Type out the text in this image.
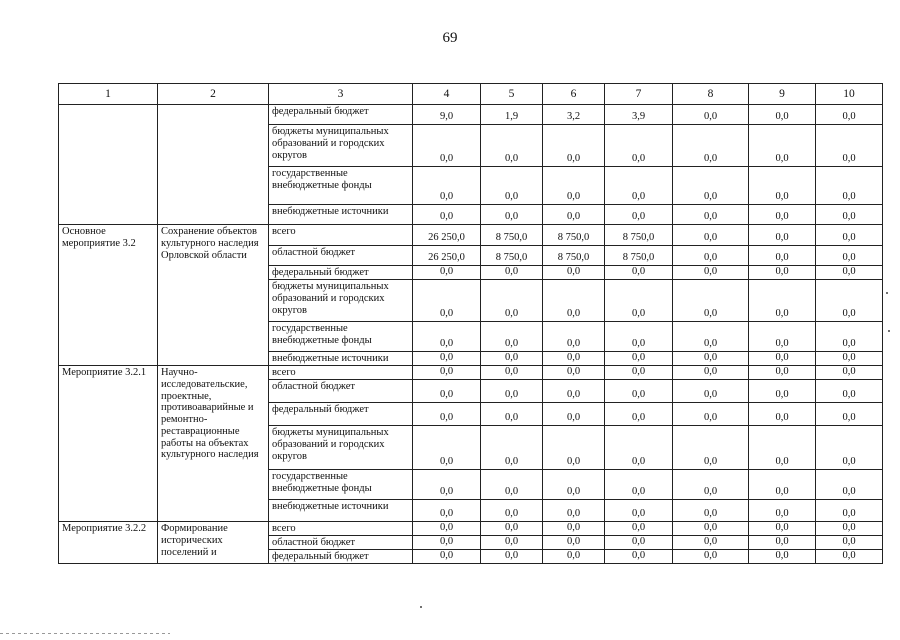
69
1	2	3	4	5	6	7	8	9	10
		федеральный бюджет	9,0	1,9	3,2	3,9	0,0	0,0	0,0
		бюджеты муниципальных образований и городских округов	0,0	0,0	0,0	0,0	0,0	0,0	0,0
		государственные внебюджетные фонды	0,0	0,0	0,0	0,0	0,0	0,0	0,0
		внебюджетные источники	0,0	0,0	0,0	0,0	0,0	0,0	0,0
Основное мероприятие 3.2	Сохранение объектов культурного наследия Орловской области	всего	26 250,0	8 750,0	8 750,0	8 750,0	0,0	0,0	0,0
		областной бюджет	26 250,0	8 750,0	8 750,0	8 750,0	0,0	0,0	0,0
		федеральный бюджет	0,0	0,0	0,0	0,0	0,0	0,0	0,0
		бюджеты муниципальных образований и городских округов	0,0	0,0	0,0	0,0	0,0	0,0	0,0
		государственные внебюджетные фонды	0,0	0,0	0,0	0,0	0,0	0,0	0,0
		внебюджетные источники	0,0	0,0	0,0	0,0	0,0	0,0	0,0
Мероприятие 3.2.1	Научно-исследовательские, проектные, противоаварийные и ремонтно-реставрационные работы на объектах культурного наследия	всего	0,0	0,0	0,0	0,0	0,0	0,0	0,0
		областной бюджет	0,0	0,0	0,0	0,0	0,0	0,0	0,0
		федеральный бюджет	0,0	0,0	0,0	0,0	0,0	0,0	0,0
		бюджеты муниципальных образований и городских округов	0,0	0,0	0,0	0,0	0,0	0,0	0,0
		государственные внебюджетные фонды	0,0	0,0	0,0	0,0	0,0	0,0	0,0
		внебюджетные источники	0,0	0,0	0,0	0,0	0,0	0,0	0,0
Мероприятие 3.2.2	Формирование исторических поселений и	всего	0,0	0,0	0,0	0,0	0,0	0,0	0,0
		областной бюджет	0,0	0,0	0,0	0,0	0,0	0,0	0,0
		федеральный бюджет	0,0	0,0	0,0	0,0	0,0	0,0	0,0
